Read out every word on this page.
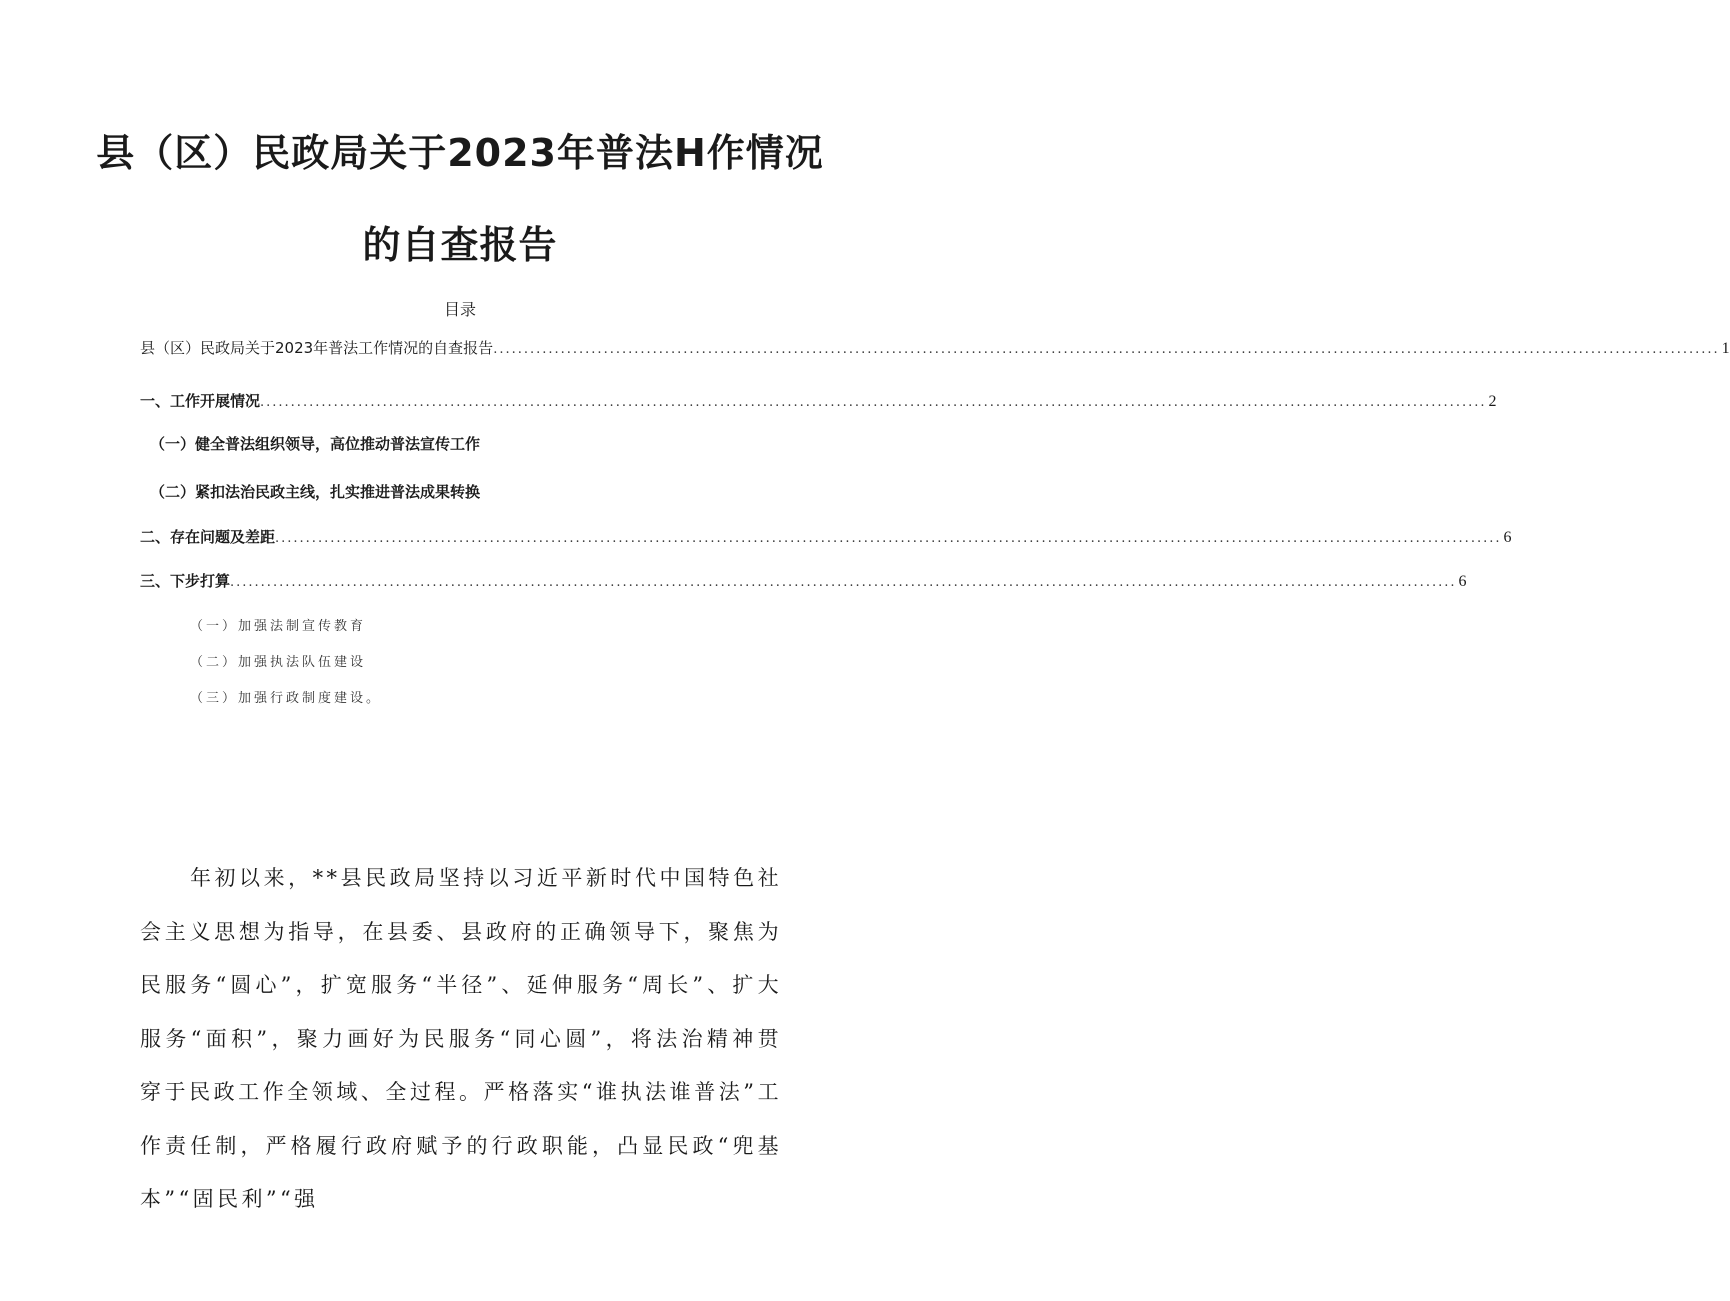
县（区）民政局关于2023年普法H作情况
的自查报告
目录
县（区）民政局关于2023年普法工作情况的自查报告 .....	1
一、工作开展情况 .....	2
（一）健全普法组织领导，高位推动普法宣传工作
（二）紧扣法治民政主线，扎实推进普法成果转换
二、存在问题及差距 .....	6
三、下步打算 .....	6
（一）加强法制宣传教育
（二）加强执法队伍建设
（三）加强行政制度建设。

年初以来，**县民政局坚持以习近平新时代中国特色社会主义思想为指导，在县委、县政府的正确领导下，聚焦为民服务“圆心”，扩宽服务“半径”、延伸服务“周长”、扩大服务“面积”，聚力画好为民服务“同心圆”，将法治精神贯穿于民政工作全领域、全过程。严格落实“谁执法谁普法”工作责任制，严格履行政府赋予的行政职能，凸显民政“兜基本”“固民利”“强
